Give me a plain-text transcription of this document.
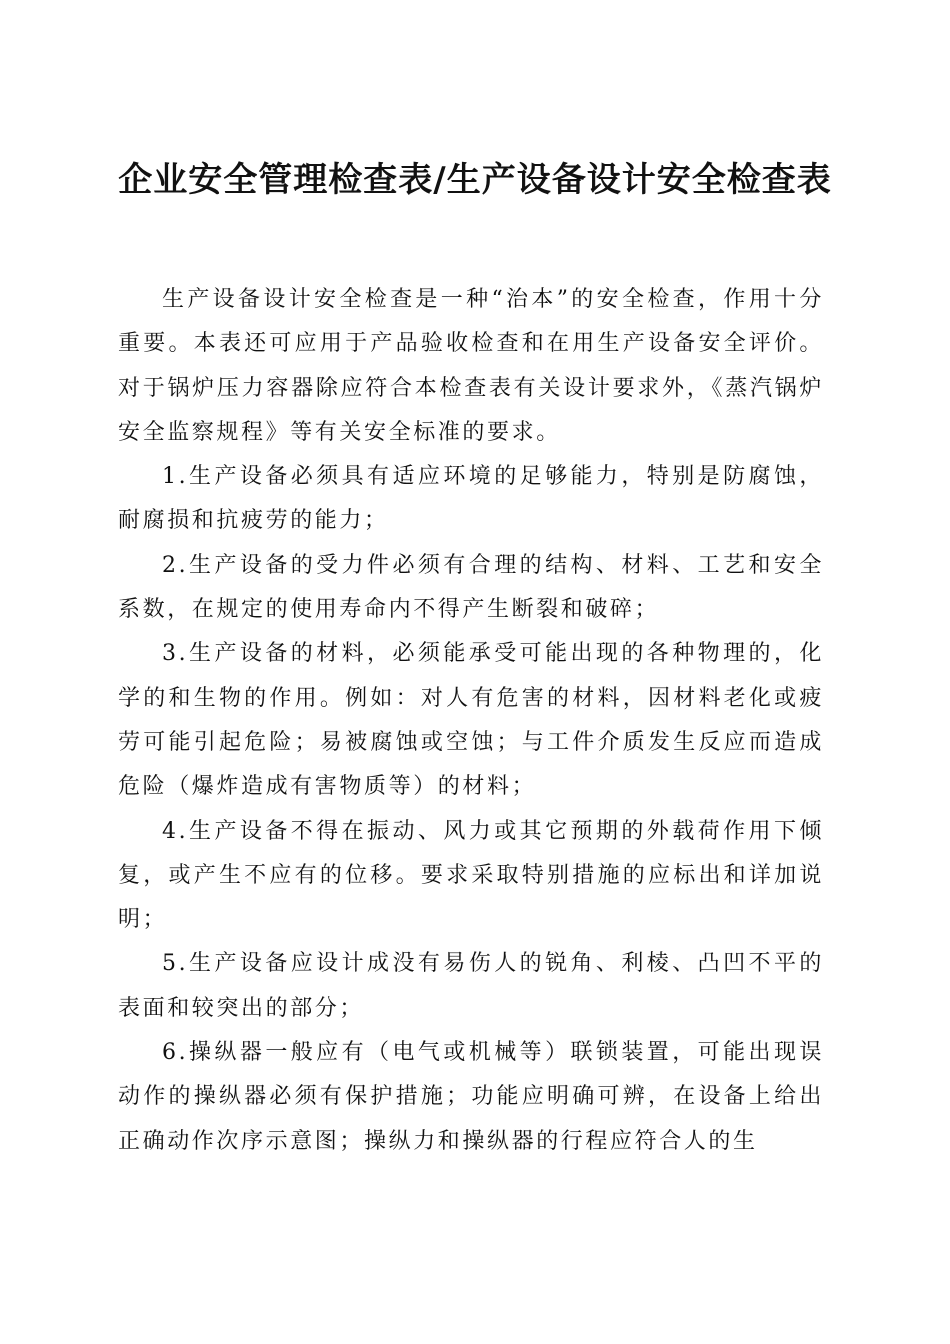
企业安全管理检查表/生产设备设计安全检查表

生产设备设计安全检查是一种“治本”的安全检查，作用十分重要。本表还可应用于产品验收检查和在用生产设备安全评价。对于锅炉压力容器除应符合本检查表有关设计要求外，《蒸汽锅炉安全监察规程》等有关安全标准的要求。

1.生产设备必须具有适应环境的足够能力，特别是防腐蚀，耐腐损和抗疲劳的能力；

2.生产设备的受力件必须有合理的结构、材料、工艺和安全系数，在规定的使用寿命内不得产生断裂和破碎；

3.生产设备的材料，必须能承受可能出现的各种物理的，化学的和生物的作用。例如：对人有危害的材料，因材料老化或疲劳可能引起危险；易被腐蚀或空蚀；与工件介质发生反应而造成危险（爆炸造成有害物质等）的材料；

4.生产设备不得在振动、风力或其它预期的外载荷作用下倾复，或产生不应有的位移。要求采取特别措施的应标出和详加说明；

5.生产设备应设计成没有易伤人的锐角、利棱、凸凹不平的表面和较突出的部分；

6.操纵器一般应有（电气或机械等）联锁装置，可能出现误动作的操纵器必须有保护措施；功能应明确可辨，在设备上给出正确动作次序示意图；操纵力和操纵器的行程应符合人的生
